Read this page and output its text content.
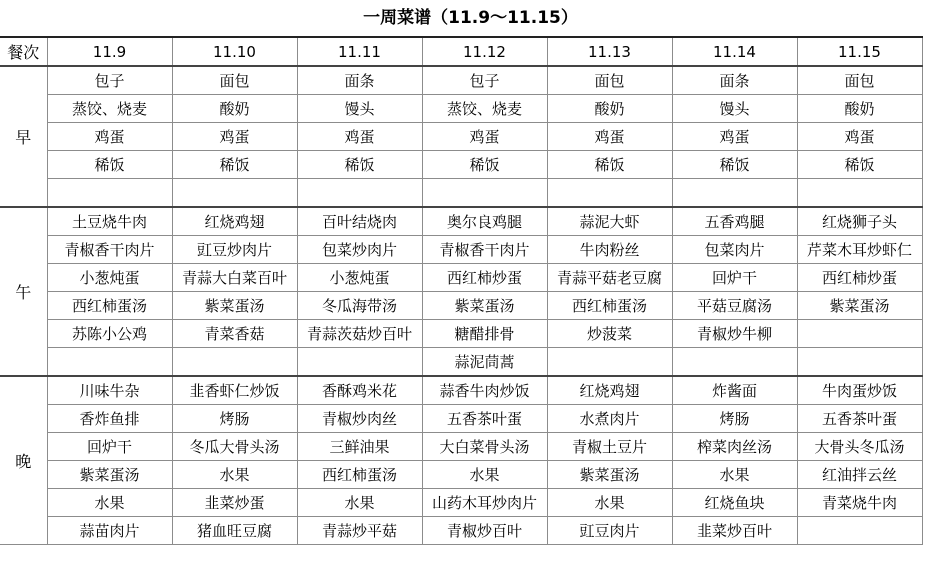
一周菜谱（11.9～11.15）
餐次	11.9	11.10	11.11	11.12	11.13	11.14	11.15
早	包子	面包	面条	包子	面包	面条	面包
	蒸饺、烧麦	酸奶	馒头	蒸饺、烧麦	酸奶	馒头	酸奶
	鸡蛋	鸡蛋	鸡蛋	鸡蛋	鸡蛋	鸡蛋	鸡蛋
	稀饭	稀饭	稀饭	稀饭	稀饭	稀饭	稀饭

午	土豆烧牛肉	红烧鸡翅	百叶结烧肉	奥尔良鸡腿	蒜泥大虾	五香鸡腿	红烧狮子头
	青椒香干肉片	豇豆炒肉片	包菜炒肉片	青椒香干肉片	牛肉粉丝	包菜肉片	芹菜木耳炒虾仁
	小葱炖蛋	青蒜大白菜百叶	小葱炖蛋	西红柿炒蛋	青蒜平菇老豆腐	回炉干	西红柿炒蛋
	西红柿蛋汤	紫菜蛋汤	冬瓜海带汤	紫菜蛋汤	西红柿蛋汤	平菇豆腐汤	紫菜蛋汤
	苏陈小公鸡	青菜香菇	青蒜茨菇炒百叶	糖醋排骨	炒菠菜	青椒炒牛柳	
				蒜泥茼蒿			
晚	川味牛杂	韭香虾仁炒饭	香酥鸡米花	蒜香牛肉炒饭	红烧鸡翅	炸酱面	牛肉蛋炒饭
	香炸鱼排	烤肠	青椒炒肉丝	五香茶叶蛋	水煮肉片	烤肠	五香茶叶蛋
	回炉干	冬瓜大骨头汤	三鲜油果	大白菜骨头汤	青椒土豆片	榨菜肉丝汤	大骨头冬瓜汤
	紫菜蛋汤	水果	西红柿蛋汤	水果	紫菜蛋汤	水果	红油拌云丝
	水果	韭菜炒蛋	水果	山药木耳炒肉片	水果	红烧鱼块	青菜烧牛肉
	蒜苗肉片	猪血旺豆腐	青蒜炒平菇	青椒炒百叶	豇豆肉片	韭菜炒百叶	
